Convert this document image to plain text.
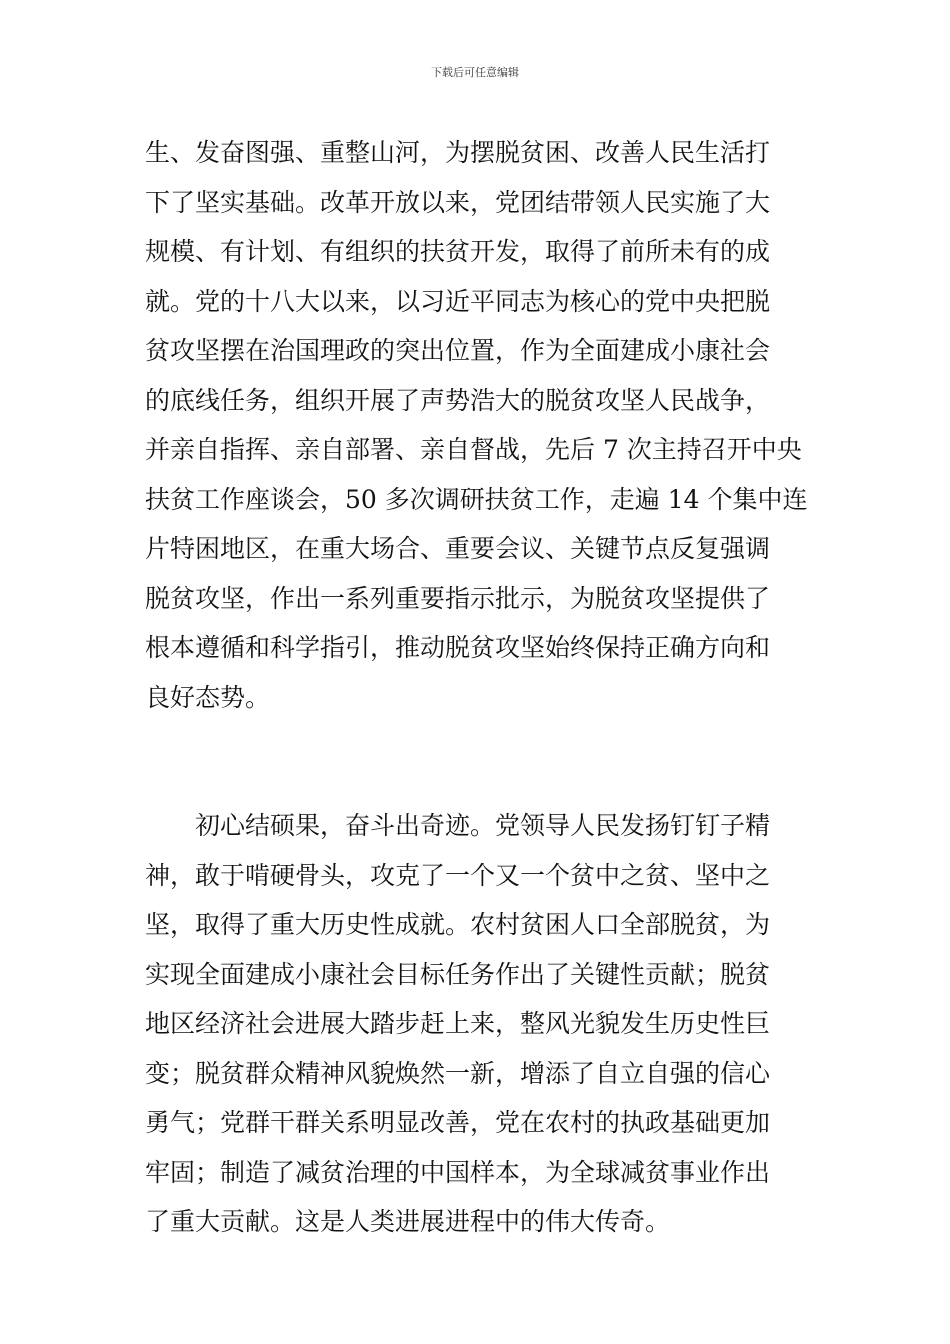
下载后可任意编辑
生、发奋图强、重整山河，为摆脱贫困、改善人民生活打
下了坚实基础。改革开放以来，党团结带领人民实施了大
规模、有计划、有组织的扶贫开发，取得了前所未有的成
就。党的十八大以来，以习近平同志为核心的党中央把脱
贫攻坚摆在治国理政的突出位置，作为全面建成小康社会
的底线任务，组织开展了声势浩大的脱贫攻坚人民战争，
并亲自指挥、亲自部署、亲自督战，先后 7 次主持召开中央
扶贫工作座谈会，50 多次调研扶贫工作，走遍 14 个集中连
片特困地区，在重大场合、重要会议、关键节点反复强调
脱贫攻坚，作出一系列重要指示批示，为脱贫攻坚提供了
根本遵循和科学指引，推动脱贫攻坚始终保持正确方向和
良好态势。
　　初心结硕果，奋斗出奇迹。党领导人民发扬钉钉子精
神，敢于啃硬骨头，攻克了一个又一个贫中之贫、坚中之
坚，取得了重大历史性成就。农村贫困人口全部脱贫，为
实现全面建成小康社会目标任务作出了关键性贡献；脱贫
地区经济社会进展大踏步赶上来，整风光貌发生历史性巨
变；脱贫群众精神风貌焕然一新，增添了自立自强的信心
勇气；党群干群关系明显改善，党在农村的执政基础更加
牢固；制造了减贫治理的中国样本，为全球减贫事业作出
了重大贡献。这是人类进展进程中的伟大传奇。
